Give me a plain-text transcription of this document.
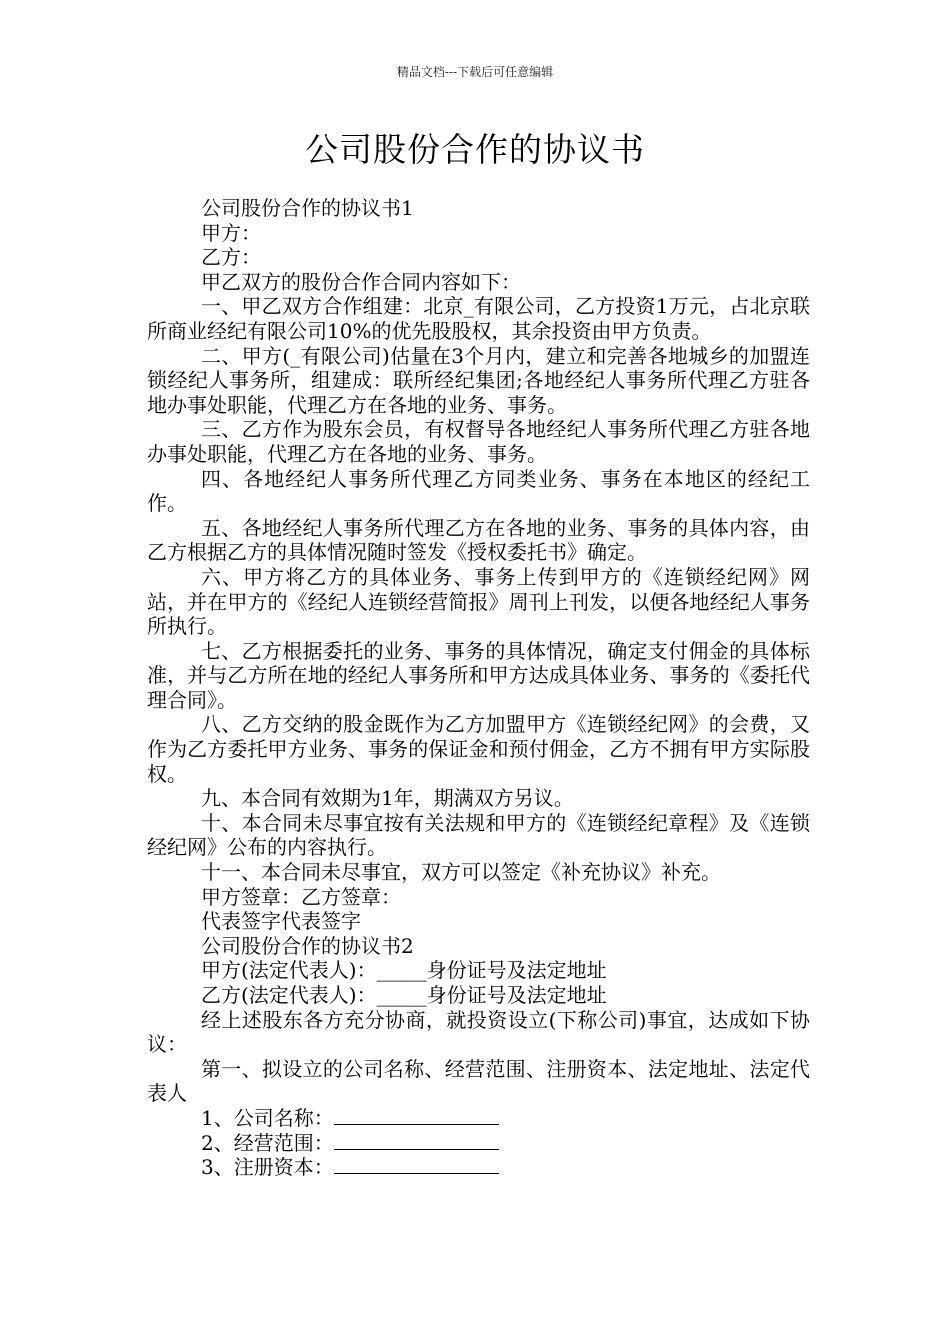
精品文档---下载后可任意编辑
公司股份合作的协议书

公司股份合作的协议书1

甲方：

乙方：

甲乙双方的股份合作合同内容如下：

一、甲乙双方合作组建：北京_有限公司，乙方投资1万元，占北京联所商业经纪有限公司10%的优先股股权，其余投资由甲方负责。

二、甲方(_有限公司)估量在3个月内，建立和完善各地城乡的加盟连锁经纪人事务所，组建成：联所经纪集团;各地经纪人事务所代理乙方驻各地办事处职能，代理乙方在各地的业务、事务。

三、乙方作为股东会员，有权督导各地经纪人事务所代理乙方驻各地办事处职能，代理乙方在各地的业务、事务。

四、各地经纪人事务所代理乙方同类业务、事务在本地区的经纪工作。

五、各地经纪人事务所代理乙方在各地的业务、事务的具体内容，由乙方根据乙方的具体情况随时签发《授权委托书》确定。

六、甲方将乙方的具体业务、事务上传到甲方的《连锁经纪网》网站，并在甲方的《经纪人连锁经营简报》周刊上刊发，以便各地经纪人事务所执行。

七、乙方根据委托的业务、事务的具体情况，确定支付佣金的具体标准，并与乙方所在地的经纪人事务所和甲方达成具体业务、事务的《委托代理合同》。

八、乙方交纳的股金既作为乙方加盟甲方《连锁经纪网》的会费，又作为乙方委托甲方业务、事务的保证金和预付佣金，乙方不拥有甲方实际股权。

九、本合同有效期为1年，期满双方另议。

十、本合同未尽事宜按有关法规和甲方的《连锁经纪章程》及《连锁经纪网》公布的内容执行。

十一、本合同未尽事宜，双方可以签定《补充协议》补充。

甲方签章：乙方签章：

代表签字代表签字

公司股份合作的协议书2

甲方(法定代表人)：_____身份证号及法定地址

乙方(法定代表人)：_____身份证号及法定地址

经上述股东各方充分协商，就投资设立(下称公司)事宜，达成如下协议：

第一、拟设立的公司名称、经营范围、注册资本、法定地址、法定代表人

1、公司名称：

2、经营范围：

3、注册资本：
